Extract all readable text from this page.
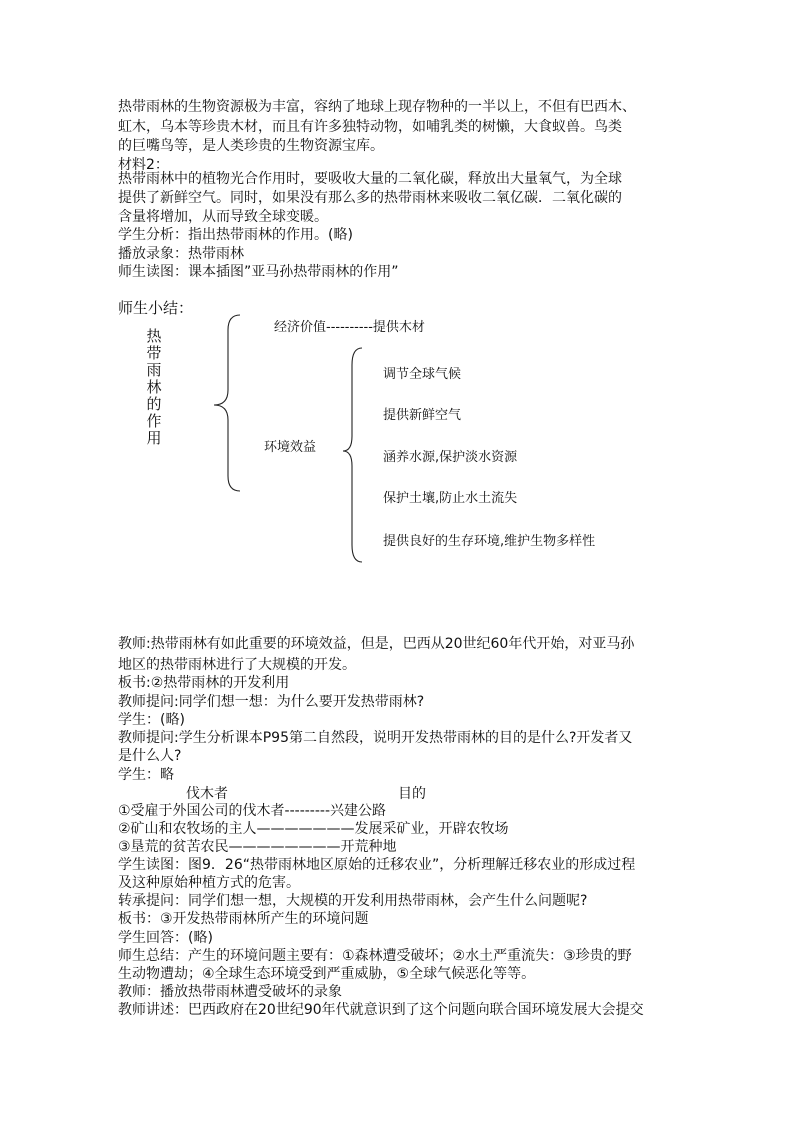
热带雨林的生物资源极为丰富，容纳了地球上现存物种的一半以上，不但有巴西木、
虹木，乌本等珍贵木材，而且有许多独特动物，如哺乳类的树懒，大食蚁兽。鸟类
的巨嘴鸟等，是人类珍贵的生物资源宝库。
材料2：
热带雨林中的植物光合作用时，要吸收大量的二氧化碳，释放出大量氧气，为全球
提供了新鲜空气。同时，如果没有那么多的热带雨林来吸收二氧亿碳．二氧化碳的
含量将增加，从而导致全球变暖。
学生分析：指出热带雨林的作用。(略)
播放录象：热带雨林
师生读图：课本插图”亚马孙热带雨林的作用”
师生小结：
热
带
雨
林
的
作
用
经济价值----------提供木材
环境效益
调节全球气候
提供新鲜空气
涵养水源,保护淡水资源
保护土壤,防止水土流失
提供良好的生存环境,维护生物多样性
教师:热带雨林有如此重要的环境效益，但是，巴西从20世纪60年代开始，对亚马孙
地区的热带雨林进行了大规模的开发。
板书:②热带雨林的开发利用
教师提问:同学们想一想：为什么要开发热带雨林?
学生：(略)
教师提问:学生分析课本P95第二自然段，说明开发热带雨林的目的是什么?开发者又
是什么人?
学生：略
伐木者	目的
①受雇于外国公司的伐木者---------兴建公路
②矿山和农牧场的主人———————发展采矿业，开辟农牧场
③垦荒的贫苦农民————————开荒种地
学生读图：图9．26“热带雨林地区原始的迁移农业”，分析理解迁移农业的形成过程
及这种原始种植方式的危害。
转承提问：同学们想一想，大规模的开发利用热带雨林，会产生什么问题呢?
板书：③开发热带雨林所产生的环境问题
学生回答：(略)
师生总结：产生的环境问题主要有：①森林遭受破坏；②水土严重流失：③珍贵的野
生动物遭劫；④全球生态环境受到严重威胁，⑤全球气候恶化等等。
教师：播放热带雨林遭受破坏的录象
教师讲述：巴西政府在20世纪90年代就意识到了这个问题向联合国环境发展大会提交
